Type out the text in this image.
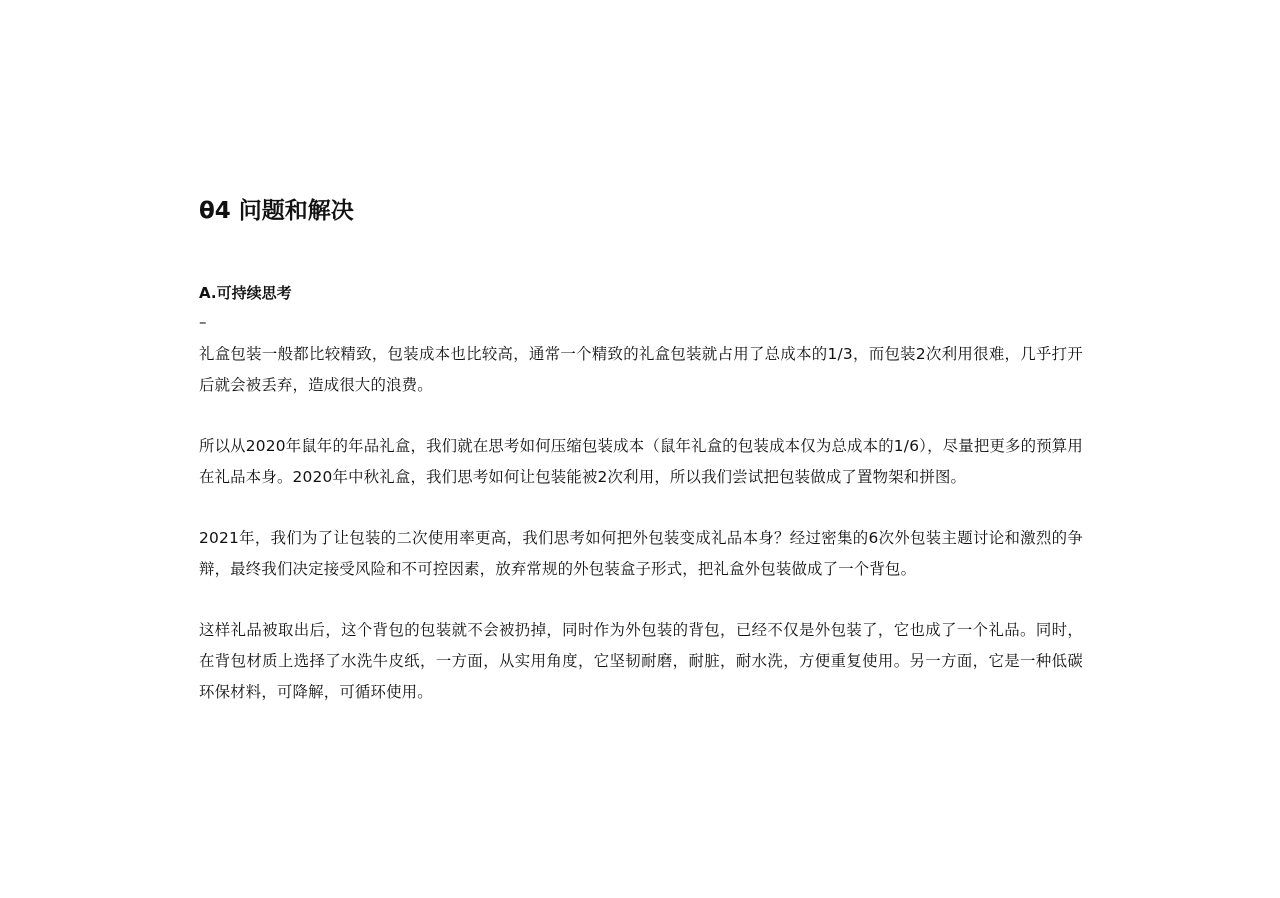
θ4 问题和解决
A.可持续思考
–

礼盒包装一般都比较精致，包装成本也比较高，通常一个精致的礼盒包装就占用了总成本的1/3，而包装2次利用很难，几乎打开后就会被丢弃，造成很大的浪费。

所以从2020年鼠年的年品礼盒，我们就在思考如何压缩包装成本（鼠年礼盒的包装成本仅为总成本的1/6），尽量把更多的预算用在礼品本身。2020年中秋礼盒，我们思考如何让包装能被2次利用，所以我们尝试把包装做成了置物架和拼图。

2021年，我们为了让包装的二次使用率更高，我们思考如何把外包装变成礼品本身？经过密集的6次外包装主题讨论和激烈的争辩，最终我们决定接受风险和不可控因素，放弃常规的外包装盒子形式，把礼盒外包装做成了一个背包。

这样礼品被取出后，这个背包的包装就不会被扔掉，同时作为外包装的背包，已经不仅是外包装了，它也成了一个礼品。同时，在背包材质上选择了水洗牛皮纸，一方面，从实用角度，它坚韧耐磨，耐脏，耐水洗，方便重复使用。另一方面，它是一种低碳环保材料，可降解，可循环使用。
